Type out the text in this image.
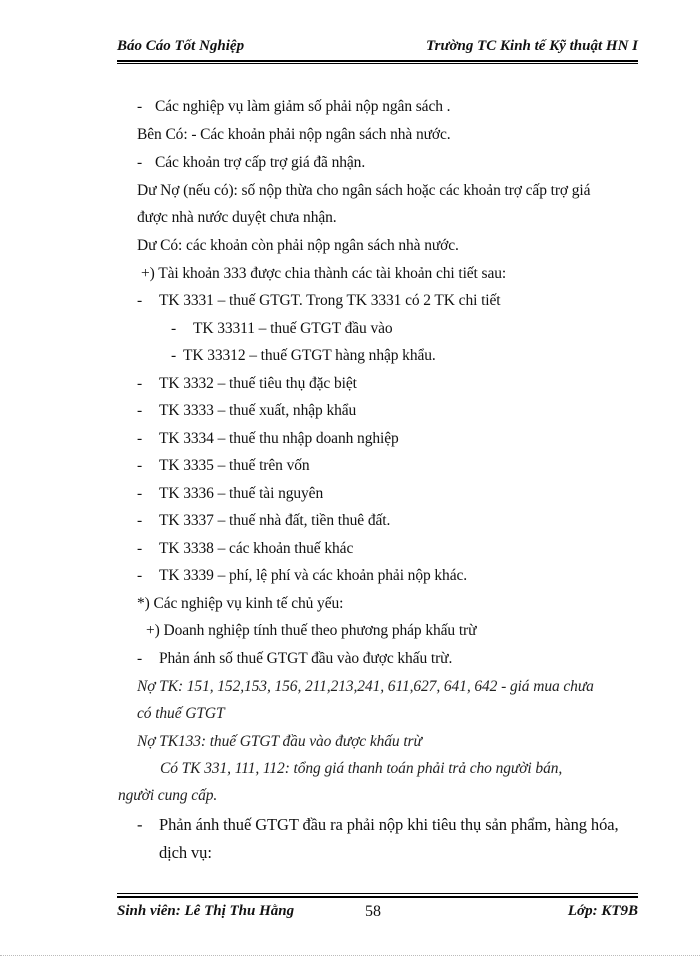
Báo Cáo Tốt Nghiệp	Trường TC Kinh tế Kỹ thuật HN I
- Các nghiệp vụ làm giảm số phải nộp ngân sách .
Bên Có: - Các khoản phải nộp ngân sách nhà nước.
- Các khoản trợ cấp trợ giá đã nhận.
Dư Nợ (nếu có): số nộp thừa cho ngân sách hoặc các khoản trợ cấp trợ giá
được nhà nước duyệt chưa nhận.
Dư Có: các khoản còn phải nộp ngân sách nhà nước.
+) Tài khoản 333 được chia thành các tài khoản chi tiết sau:
- TK 3331 – thuế GTGT. Trong TK 3331 có 2 TK chi tiết
- TK 33311 – thuế GTGT đầu vào
- TK 33312 – thuế GTGT hàng nhập khẩu.
- TK 3332 – thuế tiêu thụ đặc biệt
- TK 3333 – thuế xuất, nhập khẩu
- TK 3334 – thuế thu nhập doanh nghiệp
- TK 3335 – thuế trên vốn
- TK 3336 – thuế tài nguyên
- TK 3337 – thuế nhà đất, tiền thuê đất.
- TK 3338 – các khoản thuế khác
- TK 3339 – phí, lệ phí và các khoản phải nộp khác.
*) Các nghiệp vụ kinh tế chủ yếu:
+) Doanh nghiệp tính thuế theo phương pháp khấu trừ
- Phản ánh số thuế GTGT đầu vào được khấu trừ.
Nợ TK: 151, 152,153, 156, 211,213,241, 611,627, 641, 642 - giá mua chưa
có thuế GTGT
Nợ TK133: thuế GTGT đầu vào được khấu trừ
Có TK 331, 111, 112: tổng giá thanh toán phải trả cho người bán,
người cung cấp.
- Phản ánh thuế GTGT đầu ra phải nộp khi tiêu thụ sản phẩm, hàng hóa,
dịch vụ:
Sinh viên: Lê Thị Thu Hằng	58	Lớp: KT9B
